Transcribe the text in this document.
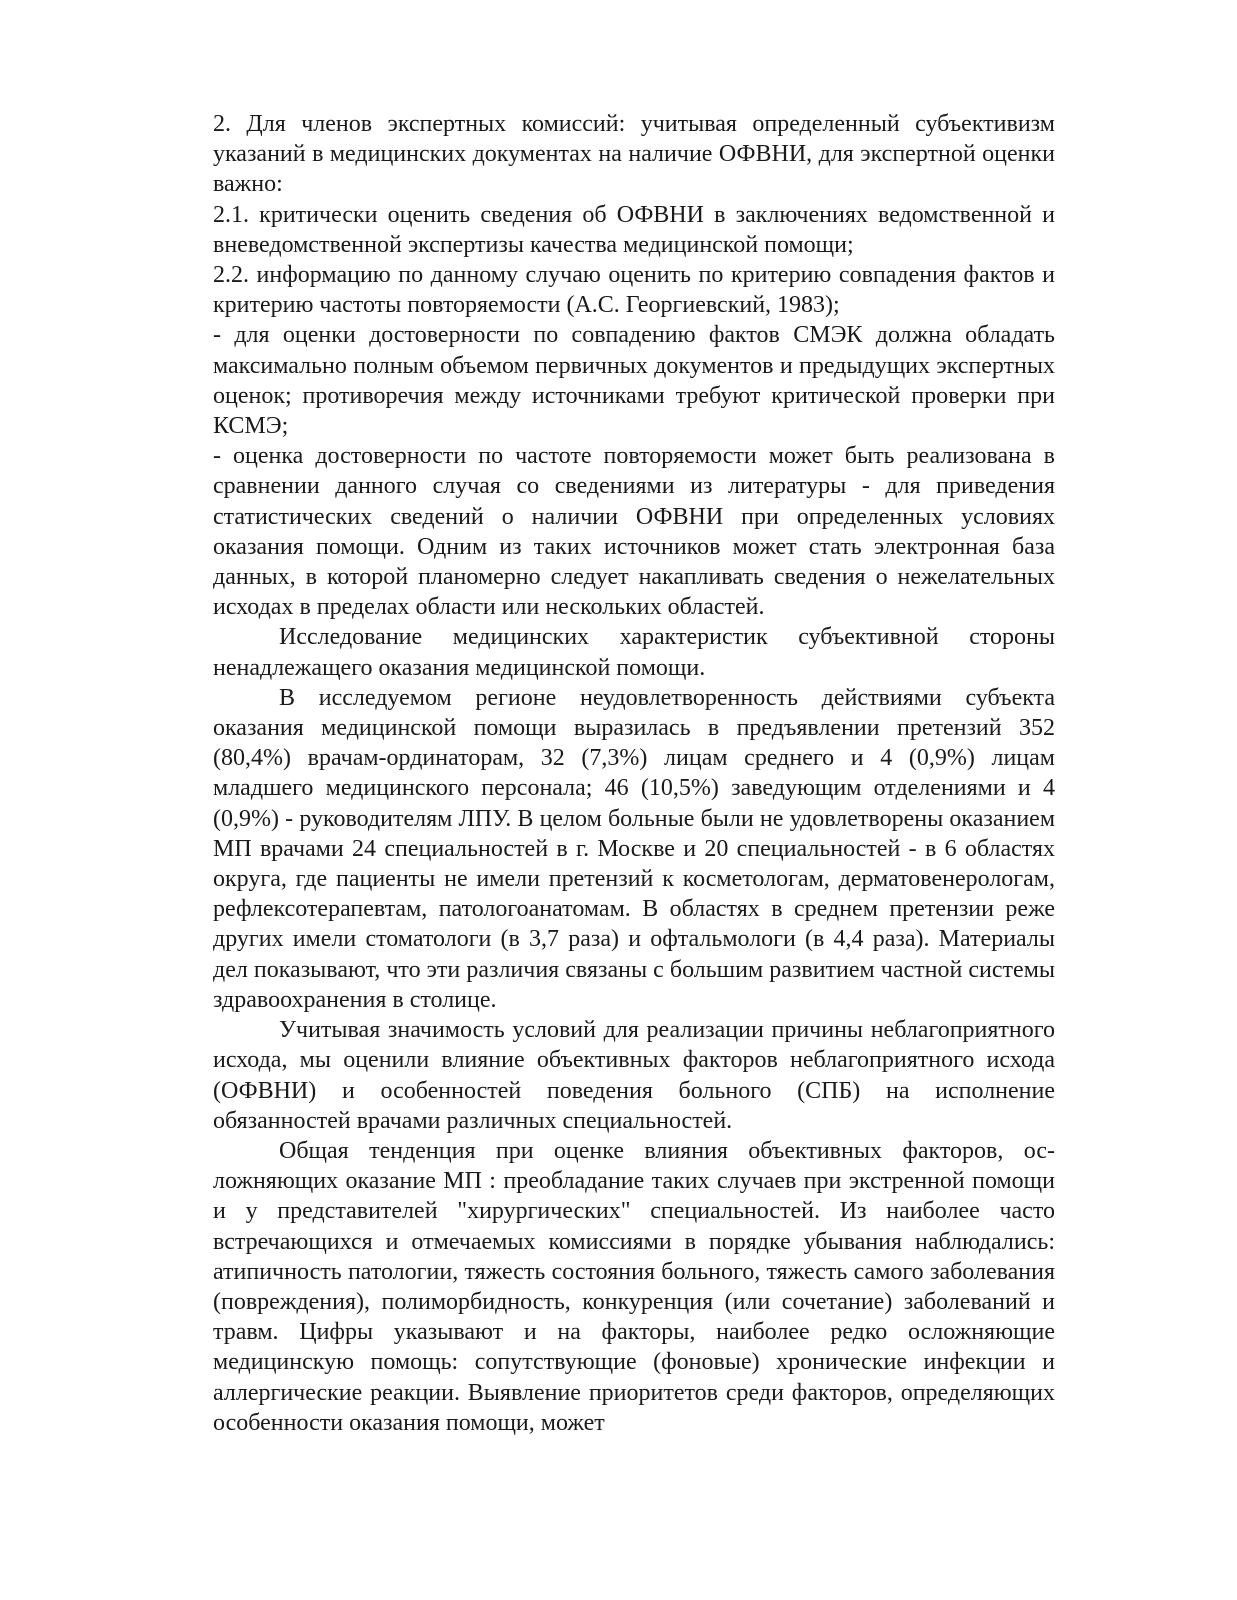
2. Для членов экспертных комиссий: учитывая определенный субъективизм указаний в медицинских документах на наличие ОФВНИ, для экспертной оценки важно:

2.1. критически оценить сведения об ОФВНИ в заключениях ведомственной и вневедомственной экспертизы качества медицинской помощи;

2.2. информацию по данному случаю оценить по критерию совпадения фактов и критерию частоты повторяемости (А.С. Георгиевский, 1983);

- для оценки достоверности по совпадению фактов СМЭК должна обладать максимально полным объемом первичных документов и предыдущих экспертных оценок; противоречия между источниками требуют критической проверки при КСМЭ;

- оценка достоверности по частоте повторяемости может быть реализована в сравнении данного случая со сведениями из литературы - для приведения статистических сведений о наличии ОФВНИ при определенных условиях оказания помощи. Одним из таких источников может стать электронная база данных, в которой планомерно следует накапливать сведения о нежелательных исходах в пределах области или нескольких областей.

Исследование медицинских характеристик субъективной стороны ненадлежащего оказания медицинской помощи.

В исследуемом регионе неудовлетворенность действиями субъекта оказания медицинской помощи выразилась в предъявлении претензий 352 (80,4%) врачам-ординаторам, 32 (7,3%) лицам среднего и 4 (0,9%) лицам младшего медицинского персонала; 46 (10,5%) заведующим отделениями и 4 (0,9%) - руководителям ЛПУ. В целом больные были не удовлетворены оказанием МП врачами 24 специальностей в г. Москве и 20 специальностей - в 6 областях округа, где пациенты не имели претензий к косметологам, дерматовенерологам, рефлексотерапевтам, патологоанатомам. В областях в среднем претензии реже других имели стоматологи (в 3,7 раза) и офтальмологи (в 4,4 раза). Материалы дел показывают, что эти различия связаны с большим развитием частной системы здравоохранения в столице.

Учитывая значимость условий для реализации причины неблагоприятного исхода, мы оценили влияние объективных факторов неблагоприятного исхода (ОФВНИ) и особенностей поведения больного (СПБ) на исполнение обязанностей врачами различных специальностей.

Общая тенденция при оценке влияния объективных факторов, осложняющих оказание МП : преобладание таких случаев при экстренной помощи и у представителей "хирургических" специальностей. Из наиболее часто встречающихся и отмечаемых комиссиями в порядке убывания наблюдались: атипичность патологии, тяжесть состояния больного, тяжесть самого заболевания (повреждения), полиморбидность, конкуренция (или сочетание) заболеваний и травм. Цифры указывают и на факторы, наиболее редко осложняющие медицинскую помощь: сопутствующие (фоновые) хронические инфекции и аллергические реакции. Выявление приоритетов среди факторов, определяющих особенности оказания помощи, может
